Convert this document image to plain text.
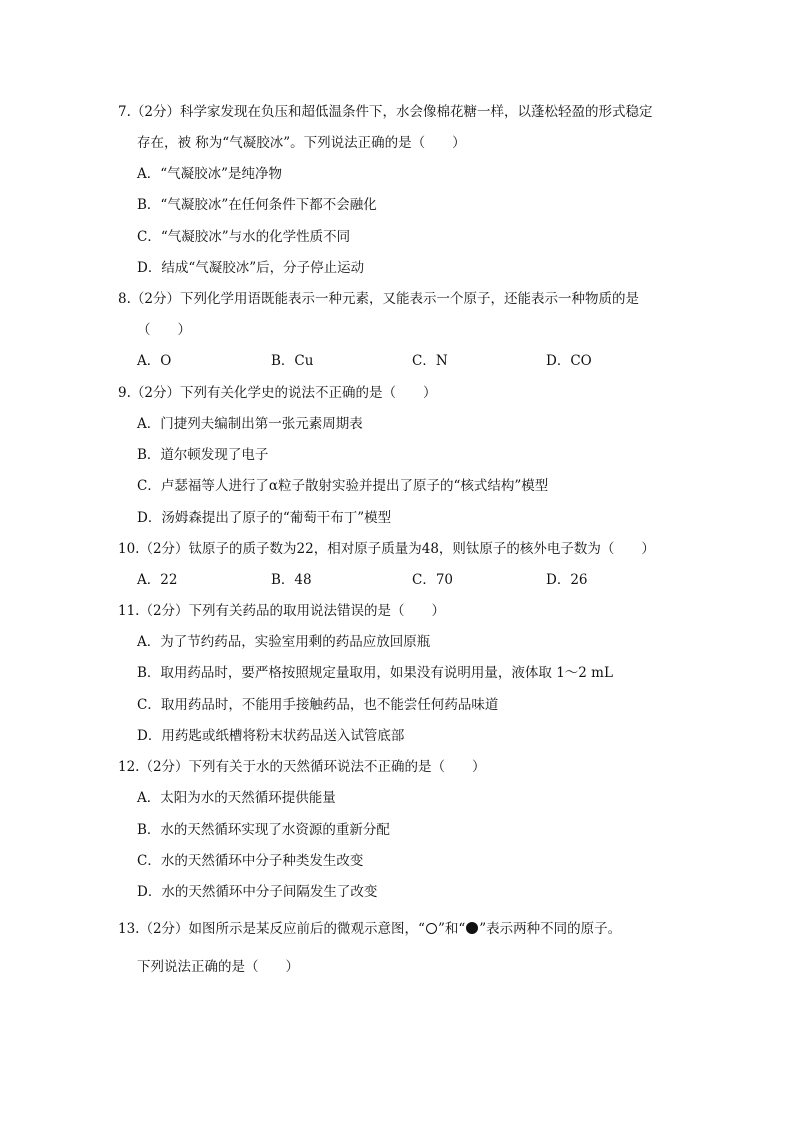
7.（2分）科学家发现在负压和超低温条件下，水会像棉花糖一样，以蓬松轻盈的形式稳定
存在，被 称为“气凝胶冰”。下列说法正确的是（　　）
A．“气凝胶冰”是纯净物
B．“气凝胶冰”在任何条件下都不会融化
C．“气凝胶冰”与水的化学性质不同
D．结成“气凝胶冰”后，分子停止运动
8.（2分）下列化学用语既能表示一种元素，又能表示一个原子，还能表示一种物质的是
（　　）
A．O	B．Cu	C．N	D．CO
9.（2分）下列有关化学史的说法不正确的是（　　）
A．门捷列夫编制出第一张元素周期表
B．道尔顿发现了电子
C．卢瑟福等人进行了α粒子散射实验并提出了原子的“核式结构”模型
D．汤姆森提出了原子的“葡萄干布丁”模型
10.（2分）钛原子的质子数为22，相对原子质量为48，则钛原子的核外电子数为（　　）
A．22	B．48	C．70	D．26
11.（2分）下列有关药品的取用说法错误的是（　　）
A．为了节约药品，实验室用剩的药品应放回原瓶
B．取用药品时，要严格按照规定量取用，如果没有说明用量，液体取 1～2 mL
C．取用药品时，不能用手接触药品，也不能尝任何药品味道
D．用药匙或纸槽将粉末状药品送入试管底部
12.（2分）下列有关于水的天然循环说法不正确的是（　　）
A．太阳为水的天然循环提供能量
B．水的天然循环实现了水资源的重新分配
C．水的天然循环中分子种类发生改变
D．水的天然循环中分子间隔发生了改变
13.（2分）如图所示是某反应前后的微观示意图，“ ”和“ ”表示两种不同的原子。
下列说法正确的是（　　）
